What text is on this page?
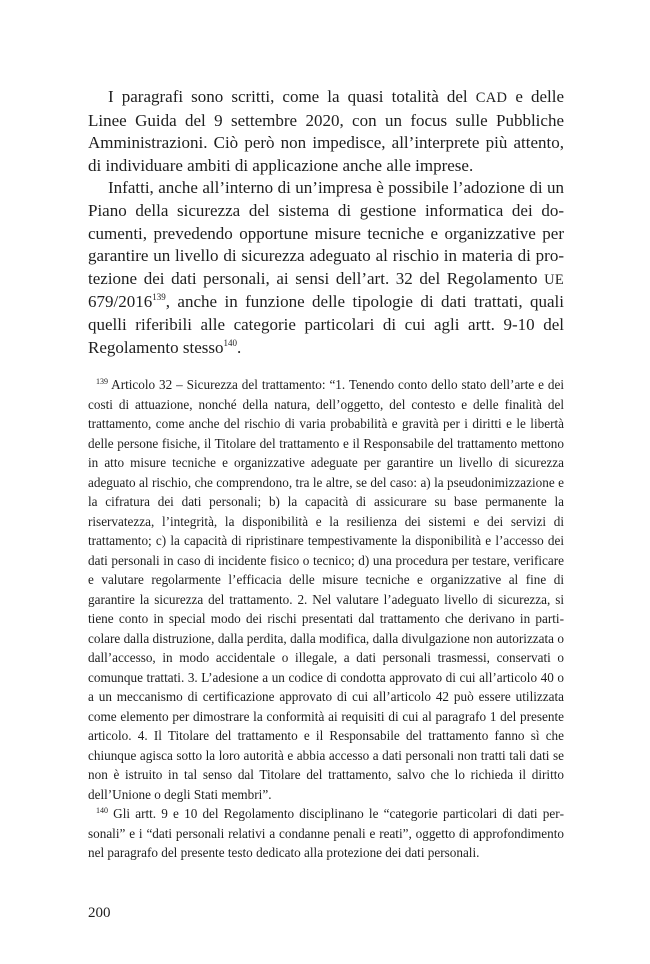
I paragrafi sono scritti, come la quasi totalità del CAD e delle Linee Guida del 9 settembre 2020, con un focus sulle Pubbliche Amministrazioni. Ciò però non impedisce, all’interprete più attento, di individuare ambiti di applicazione anche alle imprese.

Infatti, anche all’interno di un’impresa è possibile l’adozione di un Piano della sicurezza del sistema di gestione informatica dei documenti, prevedendo opportune misure tecniche e organizzative per garantire un livello di sicurezza adeguato al rischio in materia di protezione dei dati personali, ai sensi dell’art. 32 del Regolamento UE 679/2016$^{139}$, anche in funzione delle tipologie di dati trattati, quali quelli riferibili alle categorie particolari di cui agli artt. 9-10 del Regolamento stesso$^{140}$.

$^{139}$ Articolo 32 – Sicurezza del trattamento: “1. Tenendo conto dello stato dell’arte e dei costi di attuazione, nonché della natura, dell’oggetto, del contesto e delle finalità del trattamento, come anche del rischio di varia probabilità e gravità per i diritti e le libertà delle persone fisiche, il Titolare del trattamento e il Responsabile del trattamento mettono in atto misure tecniche e organizzative adeguate per garantire un livello di sicurezza adeguato al rischio, che comprendono, tra le altre, se del caso: a) la pseudonimizzazione e la cifratura dei dati personali; b) la capacità di assicurare su base permanente la riservatezza, l’integrità, la disponibilità e la resilienza dei sistemi e dei servizi di trattamento; c) la capacità di ripristinare tempestivamente la disponibilità e l’accesso dei dati personali in caso di incidente fisico o tecnico; d) una procedura per testare, verificare e valutare regolarmente l’efficacia delle misure tecniche e organizzative al fine di garantire la sicurezza del trattamento. 2. Nel valutare l’adeguato livello di sicurezza, si tiene conto in special modo dei rischi presentati dal trattamento che derivano in particolare dalla distruzione, dalla perdita, dalla modifica, dalla divulgazione non autorizzata o dall’accesso, in modo accidentale o illegale, a dati personali trasmessi, conservati o comunque trattati. 3. L’adesione a un codice di condotta approvato di cui all’articolo 40 o a un meccanismo di certificazione approvato di cui all’articolo 42 può essere utilizzata come elemento per dimostrare la conformità ai requisiti di cui al paragrafo 1 del presente articolo. 4. Il Titolare del trattamento e il Responsabile del trattamento fanno sì che chiunque agisca sotto la loro autorità e abbia accesso a dati personali non tratti tali dati se non è istruito in tal senso dal Titolare del trattamento, salvo che lo richieda il diritto dell’Unione o degli Stati membri”.

$^{140}$ Gli artt. 9 e 10 del Regolamento disciplinano le “categorie particolari di dati personali” e i “dati personali relativi a condanne penali e reati”, oggetto di approfondimento nel paragrafo del presente testo dedicato alla protezione dei dati personali.

200
